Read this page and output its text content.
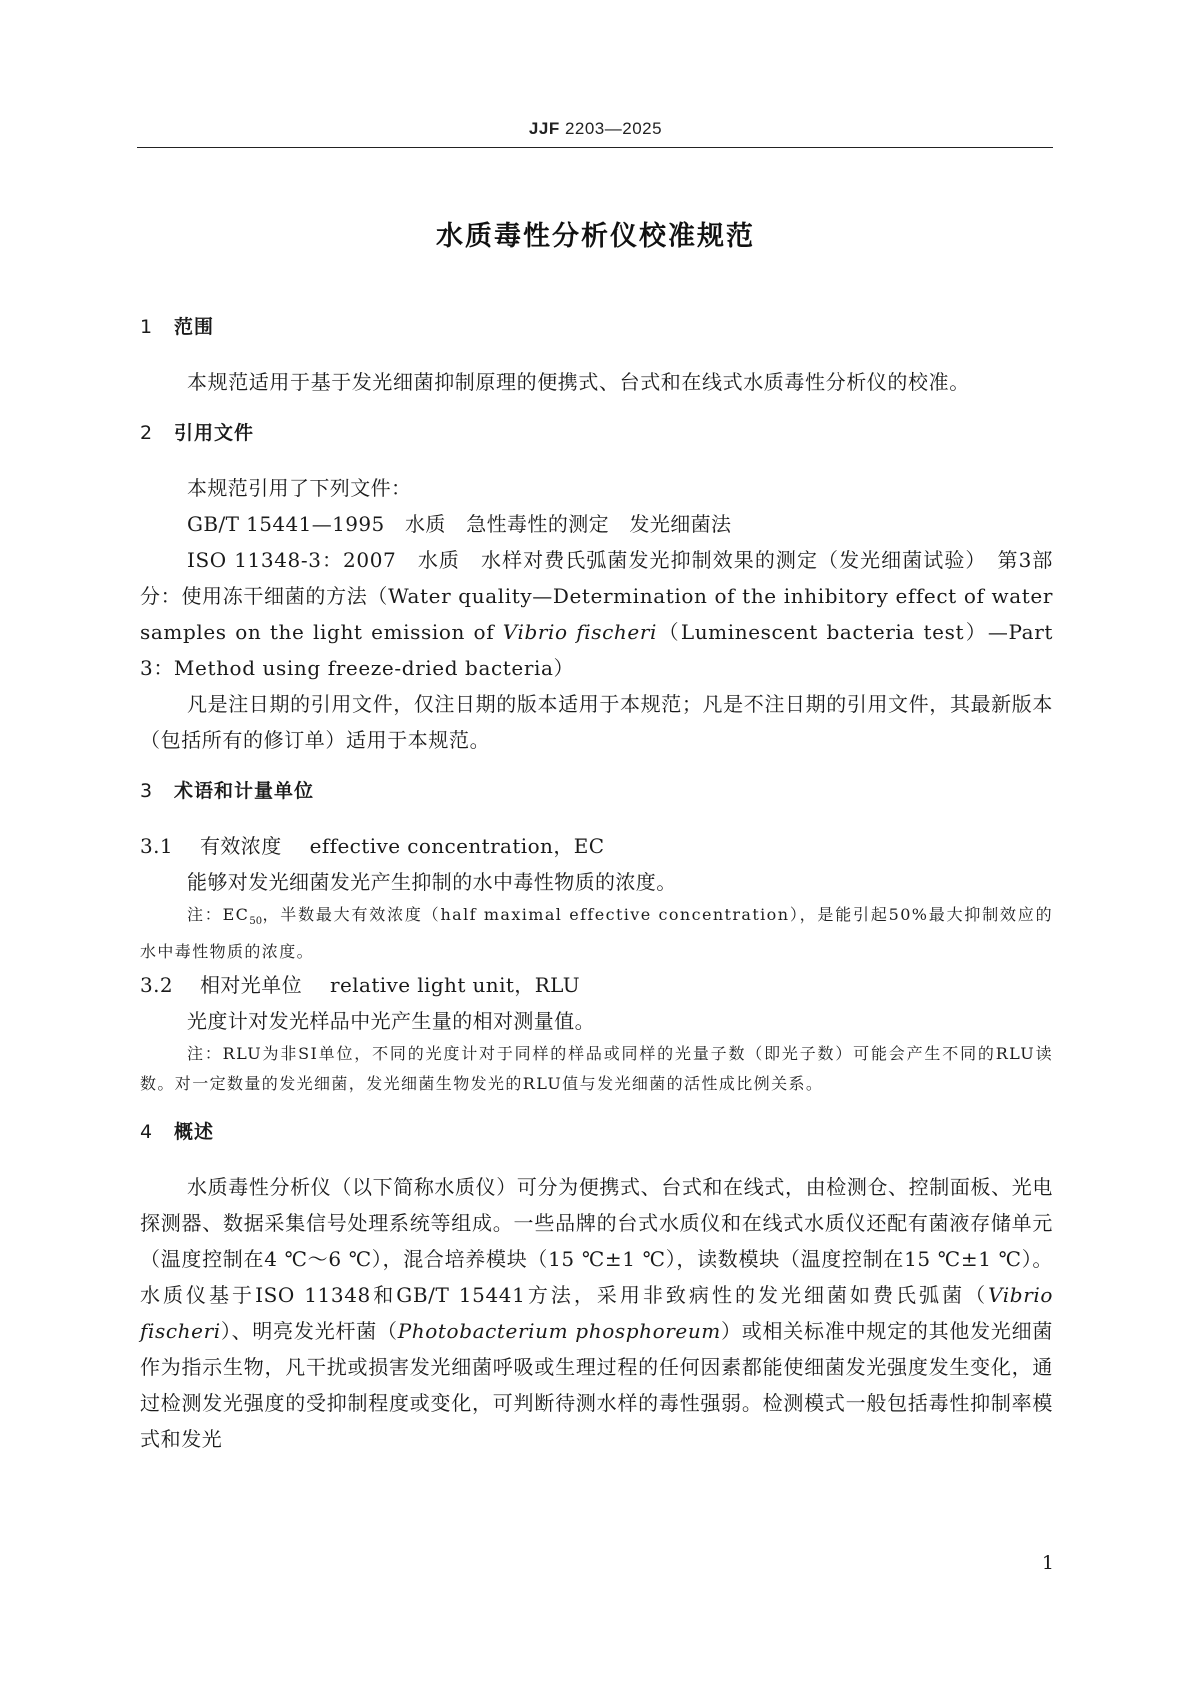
JJF 2203—2025
水质毒性分析仪校准规范
1 范围
本规范适用于基于发光细菌抑制原理的便携式、台式和在线式水质毒性分析仪的校准。
2 引用文件
本规范引用了下列文件：
GB/T 15441—1995　水质　急性毒性的测定　发光细菌法
ISO 11348-3：2007　水质　水样对费氏弧菌发光抑制效果的测定（发光细菌试验）　第3部分：使用冻干细菌的方法（Water quality—Determination of the inhibitory effect of water samples on the light emission of Vibrio fischeri（Luminescent bacteria test）—Part 3：Method using freeze-dried bacteria）
凡是注日期的引用文件，仅注日期的版本适用于本规范；凡是不注日期的引用文件，其最新版本（包括所有的修订单）适用于本规范。
3 术语和计量单位
3.1 有效浓度 effective concentration，EC
能够对发光细菌发光产生抑制的水中毒性物质的浓度。
注：$EC_{50}$，半数最大有效浓度（half maximal effective concentration），是能引起50%最大抑制效应的水中毒性物质的浓度。
3.2 相对光单位 relative light unit，RLU
光度计对发光样品中光产生量的相对测量值。
注：RLU为非SI单位，不同的光度计对于同样的样品或同样的光量子数（即光子数）可能会产生不同的RLU读数。对一定数量的发光细菌，发光细菌生物发光的RLU值与发光细菌的活性成比例关系。
4 概述
水质毒性分析仪（以下简称水质仪）可分为便携式、台式和在线式，由检测仓、控制面板、光电探测器、数据采集信号处理系统等组成。一些品牌的台式水质仪和在线式水质仪还配有菌液存储单元（温度控制在4 ℃～6 ℃），混合培养模块（15 ℃±1 ℃），读数模块（温度控制在15 ℃±1 ℃）。水质仪基于ISO 11348和GB/T 15441方法，采用非致病性的发光细菌如费氏弧菌（Vibrio fischeri）、明亮发光杆菌（Photobacterium phosphoreum）或相关标准中规定的其他发光细菌作为指示生物，凡干扰或损害发光细菌呼吸或生理过程的任何因素都能使细菌发光强度发生变化，通过检测发光强度的受抑制程度或变化，可判断待测水样的毒性强弱。检测模式一般包括毒性抑制率模式和发光
1
